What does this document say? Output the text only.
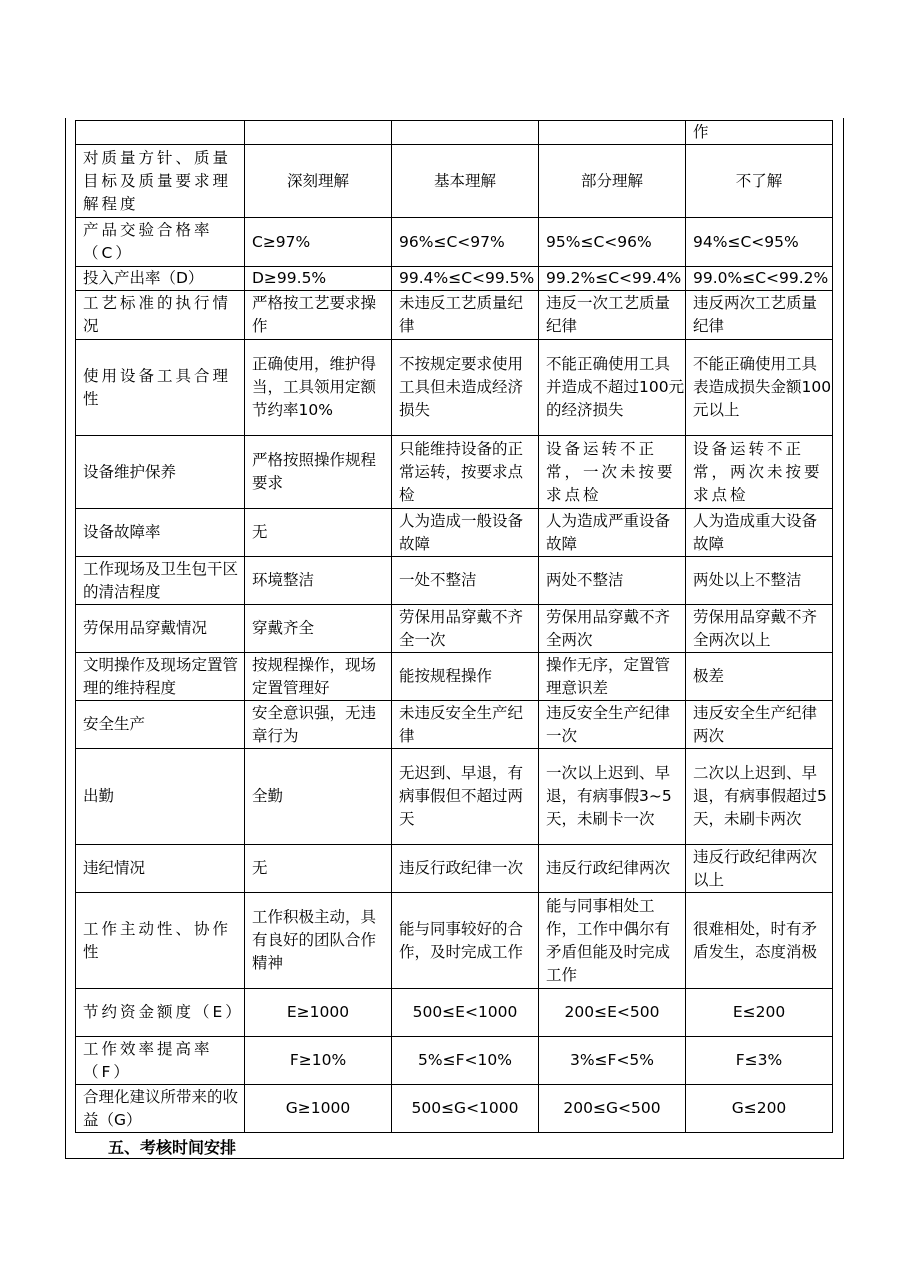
				作
对质量方针、质量目标及质量要求理解程度	深刻理解	基本理解	部分理解	不了解
产品交验合格率（C）	C≥97%	96%≤C<97%	95%≤C<96%	94%≤C<95%
投入产出率（D）	D≥99.5%	99.4%≤C<99.5%	99.2%≤C<99.4%	99.0%≤C<99.2%
工艺标准的执行情况	严格按工艺要求操作	未违反工艺质量纪律	违反一次工艺质量纪律	违反两次工艺质量纪律
使用设备工具合理性	正确使用，维护得当，工具领用定额节约率10%	不按规定要求使用工具但未造成经济损失	不能正确使用工具并造成不超过100元的经济损失	不能正确使用工具表造成损失金额100元以上
设备维护保养	严格按照操作规程要求	只能维持设备的正常运转，按要求点检	设备运转不正常，一次未按要求点检	设备运转不正常，两次未按要求点检
设备故障率	无	人为造成一般设备故障	人为造成严重设备故障	人为造成重大设备故障
工作现场及卫生包干区的清洁程度	环境整洁	一处不整洁	两处不整洁	两处以上不整洁
劳保用品穿戴情况	穿戴齐全	劳保用品穿戴不齐全一次	劳保用品穿戴不齐全两次	劳保用品穿戴不齐全两次以上
文明操作及现场定置管理的维持程度	按规程操作，现场定置管理好	能按规程操作	操作无序，定置管理意识差	极差
安全生产	安全意识强，无违章行为	未违反安全生产纪律	违反安全生产纪律一次	违反安全生产纪律两次
出勤	全勤	无迟到、早退，有病事假但不超过两天	一次以上迟到、早退，有病事假3~5天，未刷卡一次	二次以上迟到、早退，有病事假超过5天，未刷卡两次
违纪情况	无	违反行政纪律一次	违反行政纪律两次	违反行政纪律两次以上
工作主动性、协作性	工作积极主动，具有良好的团队合作精神	能与同事较好的合作，及时完成工作	能与同事相处工作，工作中偶尔有矛盾但能及时完成工作	很难相处，时有矛盾发生，态度消极
节约资金额度（E）	E≥1000	500≤E<1000	200≤E<500	E≤200
工作效率提高率（F）	F≥10%	5%≤F<10%	3%≤F<5%	F≤3%
合理化建议所带来的收益（G）	G≥1000	500≤G<1000	200≤G<500	G≤200
五、考核时间安排
